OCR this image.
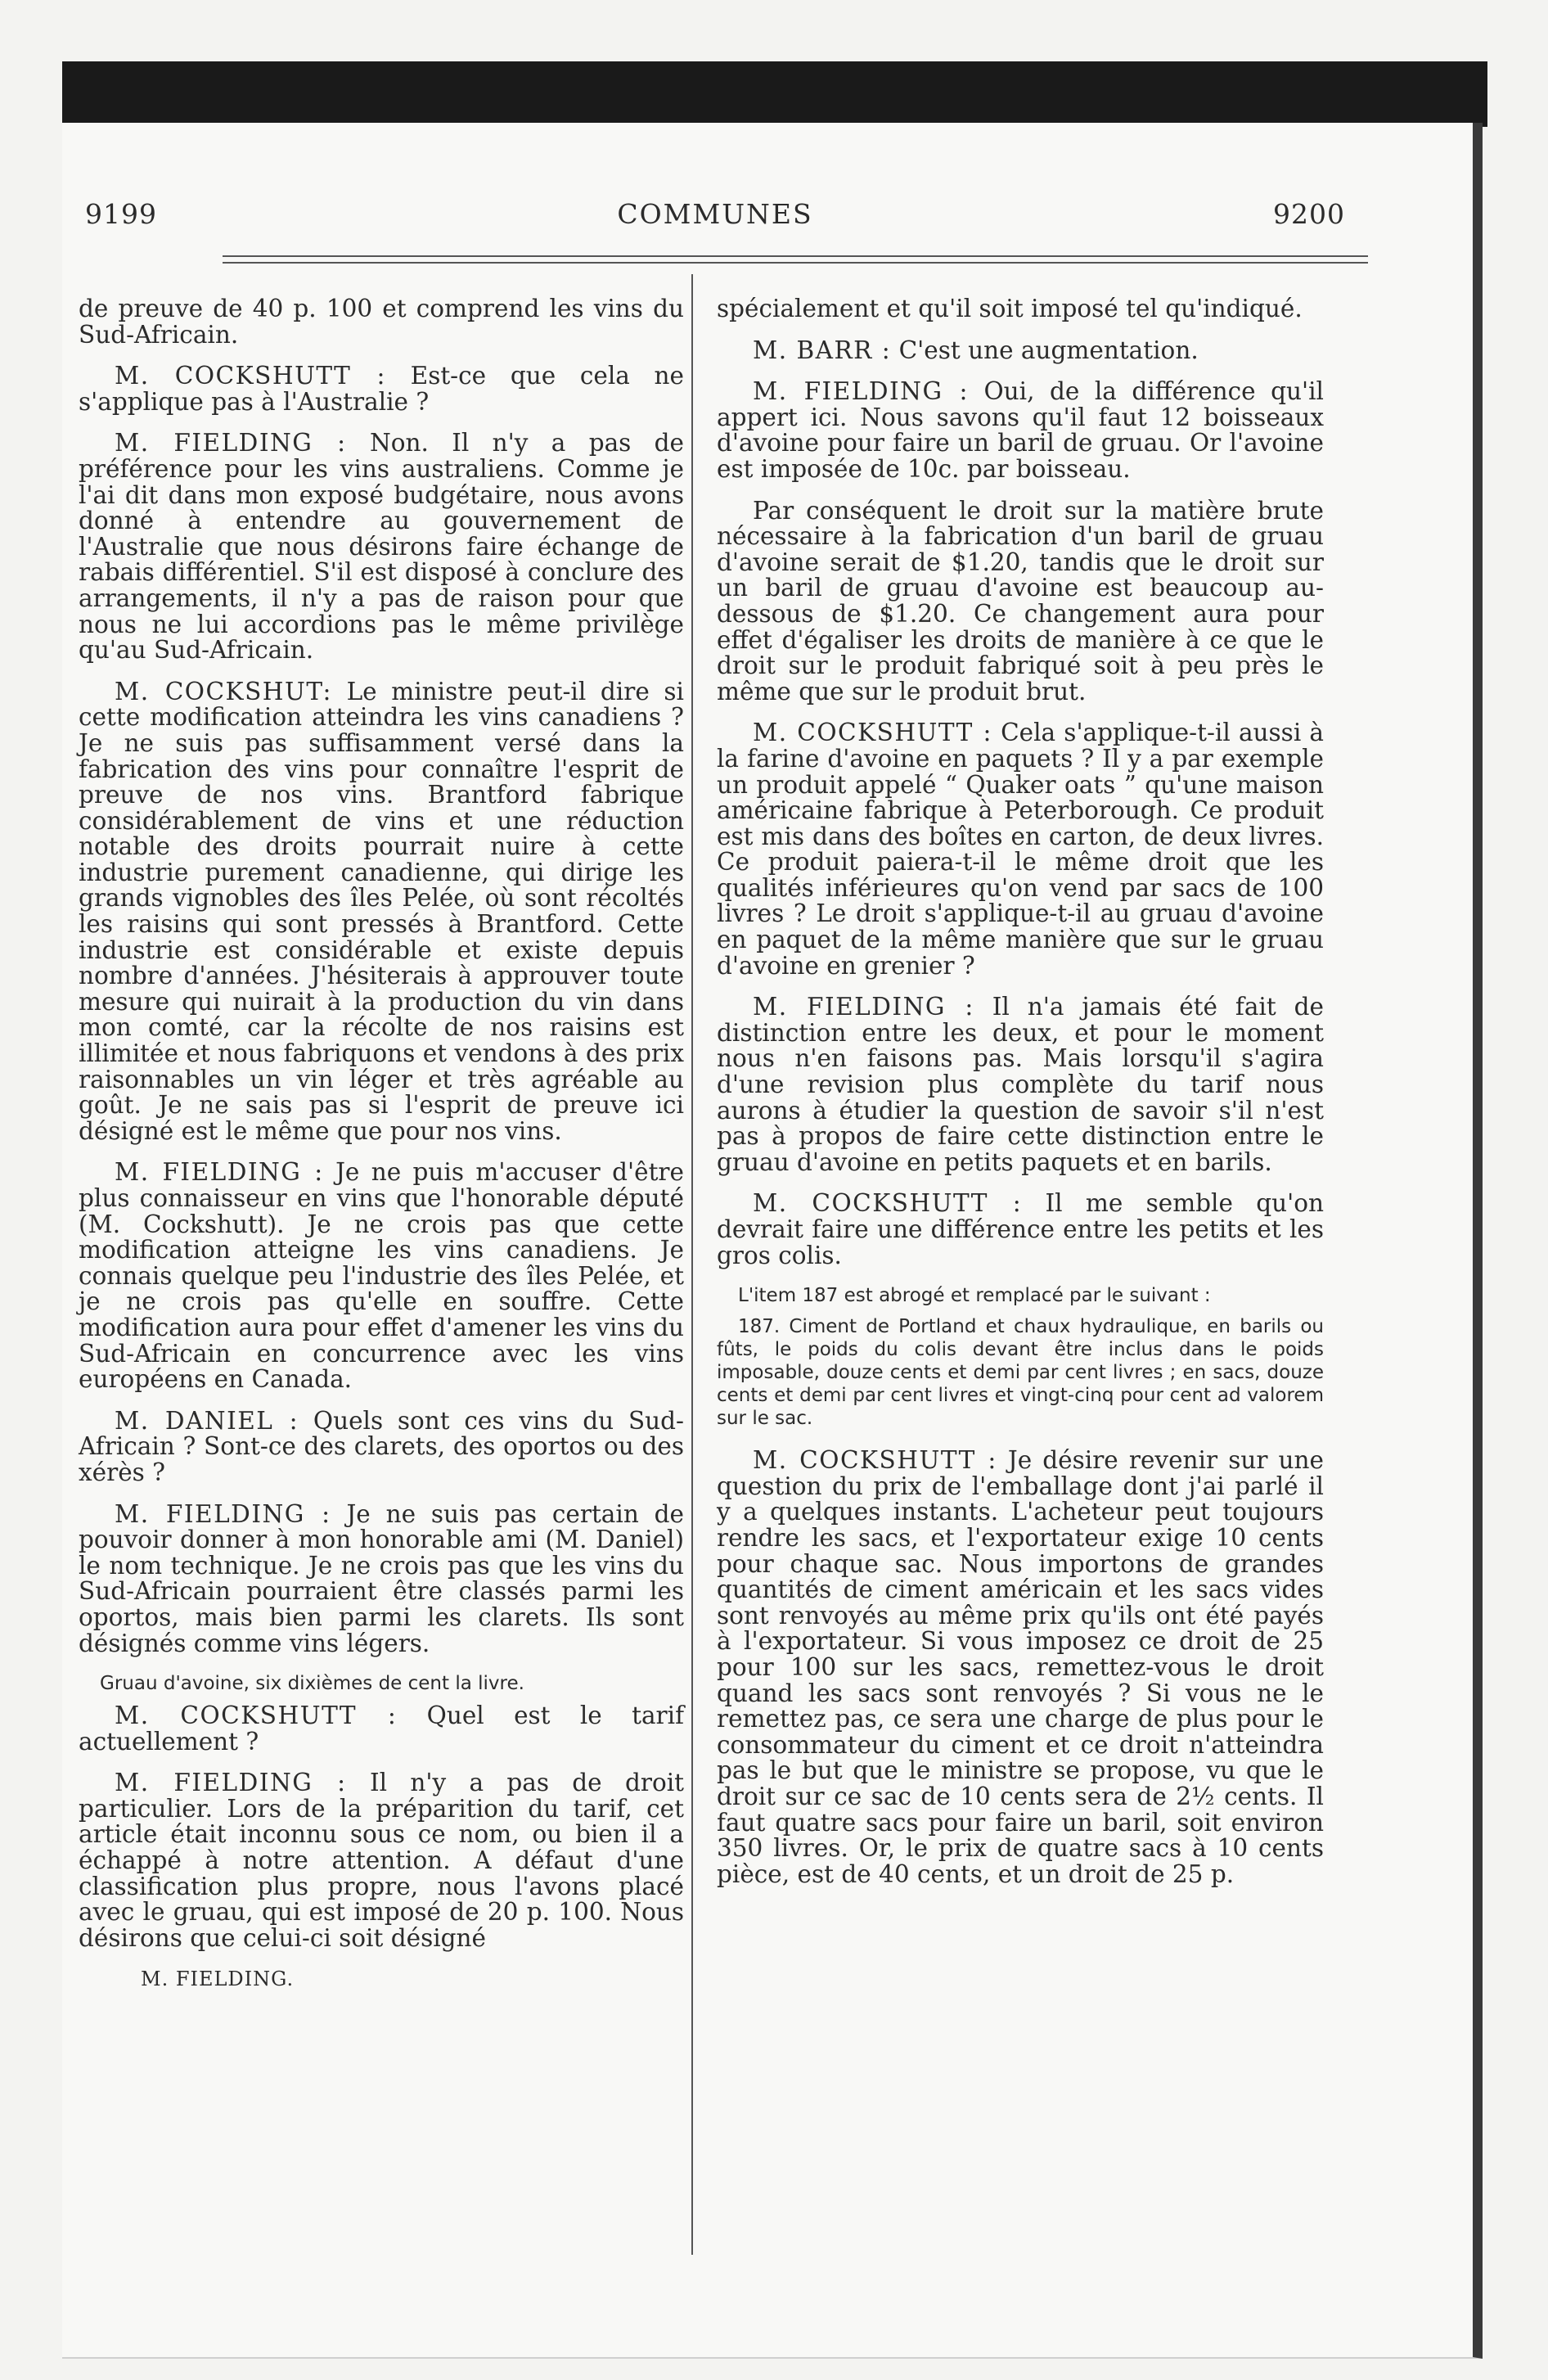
9199	COMMUNES	9200

de preuve de 40 p. 100 et comprend les vins du Sud-Africain.

M. COCKSHUTT : Est-ce que cela ne s'applique pas à l'Australie ?

M. FIELDING : Non. Il n'y a pas de préférence pour les vins australiens. Comme je l'ai dit dans mon exposé budgétaire, nous avons donné à entendre au gouvernement de l'Australie que nous désirons faire échange de rabais différentiel. S'il est disposé à conclure des arrangements, il n'y a pas de raison pour que nous ne lui accordions pas le même privilège qu'au Sud-Africain.

M. COCKSHUT: Le ministre peut-il dire si cette modification atteindra les vins canadiens ? Je ne suis pas suffisamment versé dans la fabrication des vins pour connaître l'esprit de preuve de nos vins. Brantford fabrique considérablement de vins et une réduction notable des droits pourrait nuire à cette industrie purement canadienne, qui dirige les grands vignobles des îles Pelée, où sont récoltés les raisins qui sont pressés à Brantford. Cette industrie est considérable et existe depuis nombre d'années. J'hésiterais à approuver toute mesure qui nuirait à la production du vin dans mon comté, car la récolte de nos raisins est illimitée et nous fabriquons et vendons à des prix raisonnables un vin léger et très agréable au goût. Je ne sais pas si l'esprit de preuve ici désigné est le même que pour nos vins.

M. FIELDING : Je ne puis m'accuser d'être plus connaisseur en vins que l'honorable député (M. Cockshutt). Je ne crois pas que cette modification atteigne les vins canadiens. Je connais quelque peu l'industrie des îles Pelée, et je ne crois pas qu'elle en souffre. Cette modification aura pour effet d'amener les vins du Sud-Africain en concurrence avec les vins européens en Canada.

M. DANIEL : Quels sont ces vins du Sud-Africain ? Sont-ce des clarets, des oportos ou des xérès ?

M. FIELDING : Je ne suis pas certain de pouvoir donner à mon honorable ami (M. Daniel) le nom technique. Je ne crois pas que les vins du Sud-Africain pourraient être classés parmi les oportos, mais bien parmi les clarets. Ils sont désignés comme vins légers.

Gruau d'avoine, six dixièmes de cent la livre.

M. COCKSHUTT : Quel est le tarif actuellement ?

M. FIELDING : Il n'y a pas de droit particulier. Lors de la préparition du tarif, cet article était inconnu sous ce nom, ou bien il a échappé à notre attention. A défaut d'une classification plus propre, nous l'avons placé avec le gruau, qui est imposé de 20 p. 100. Nous désirons que celui-ci soit désigné

M. FIELDING.

spécialement et qu'il soit imposé tel qu'indiqué.

M. BARR : C'est une augmentation.

M. FIELDING : Oui, de la différence qu'il appert ici. Nous savons qu'il faut 12 boisseaux d'avoine pour faire un baril de gruau. Or l'avoine est imposée de 10c. par boisseau.

Par conséquent le droit sur la matière brute nécessaire à la fabrication d'un baril de gruau d'avoine serait de $1.20, tandis que le droit sur un baril de gruau d'avoine est beaucoup au-dessous de $1.20. Ce changement aura pour effet d'égaliser les droits de manière à ce que le droit sur le produit fabriqué soit à peu près le même que sur le produit brut.

M. COCKSHUTT : Cela s'applique-t-il aussi à la farine d'avoine en paquets ? Il y a par exemple un produit appelé “ Quaker oats ” qu'une maison américaine fabrique à Peterborough. Ce produit est mis dans des boîtes en carton, de deux livres. Ce produit paiera-t-il le même droit que les qualités inférieures qu'on vend par sacs de 100 livres ? Le droit s'applique-t-il au gruau d'avoine en paquet de la même manière que sur le gruau d'avoine en grenier ?

M. FIELDING : Il n'a jamais été fait de distinction entre les deux, et pour le moment nous n'en faisons pas. Mais lorsqu'il s'agira d'une revision plus complète du tarif nous aurons à étudier la question de savoir s'il n'est pas à propos de faire cette distinction entre le gruau d'avoine en petits paquets et en barils.

M. COCKSHUTT : Il me semble qu'on devrait faire une différence entre les petits et les gros colis.

L'item 187 est abrogé et remplacé par le suivant :

187. Ciment de Portland et chaux hydraulique, en barils ou fûts, le poids du colis devant être inclus dans le poids imposable, douze cents et demi par cent livres ; en sacs, douze cents et demi par cent livres et vingt-cinq pour cent ad valorem sur le sac.

M. COCKSHUTT : Je désire revenir sur une question du prix de l'emballage dont j'ai parlé il y a quelques instants. L'acheteur peut toujours rendre les sacs, et l'exportateur exige 10 cents pour chaque sac. Nous importons de grandes quantités de ciment américain et les sacs vides sont renvoyés au même prix qu'ils ont été payés à l'exportateur. Si vous imposez ce droit de 25 pour 100 sur les sacs, remettez-vous le droit quand les sacs sont renvoyés ? Si vous ne le remettez pas, ce sera une charge de plus pour le consommateur du ciment et ce droit n'atteindra pas le but que le ministre se propose, vu que le droit sur ce sac de 10 cents sera de 2½ cents. Il faut quatre sacs pour faire un baril, soit environ 350 livres. Or, le prix de quatre sacs à 10 cents pièce, est de 40 cents, et un droit de 25 p.
